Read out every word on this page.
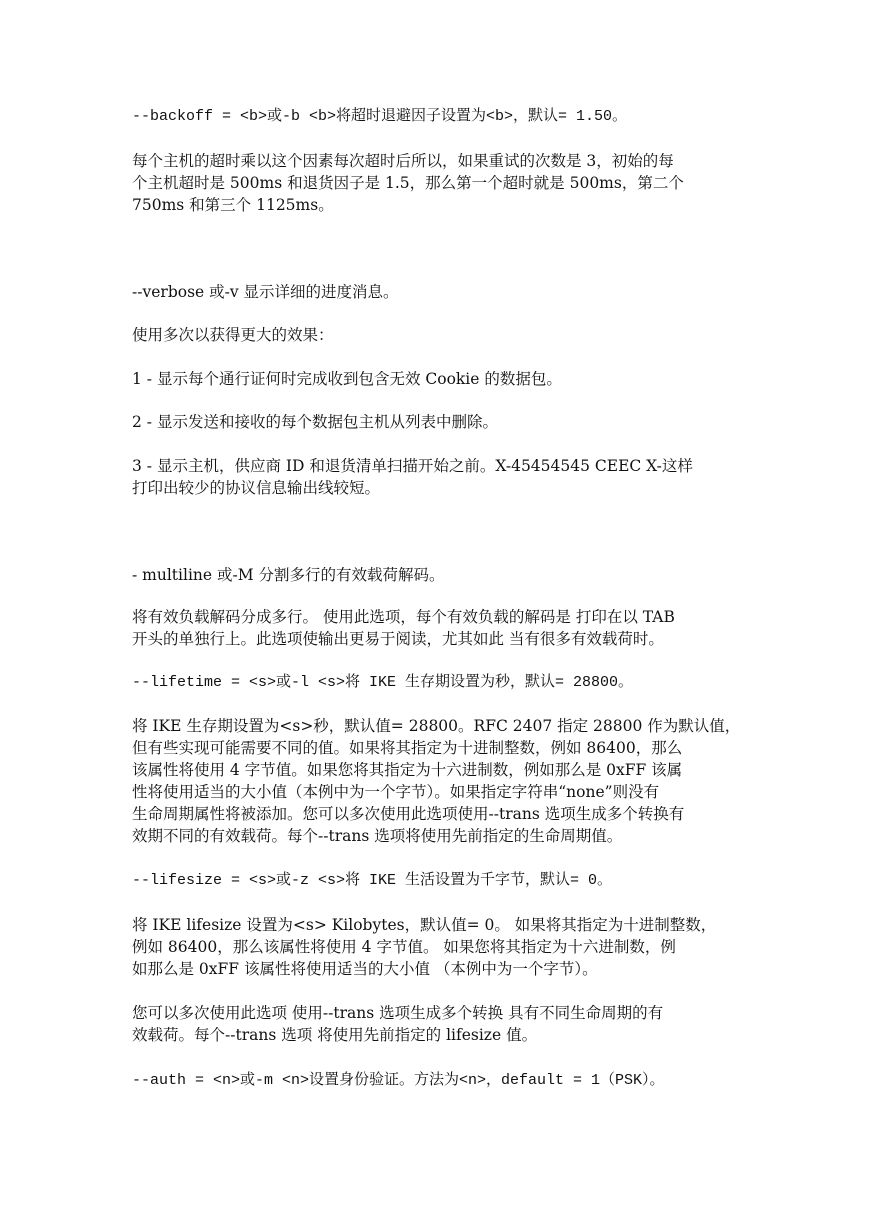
--backoff = <b>或-b <b>将超时退避因子设置为<b>，默认= 1.50。

每个主机的超时乘以这个因素每次超时后所以，如果重试的次数是 3，初始的每
个主机超时是 500ms 和退货因子是 1.5，那么第一个超时就是 500ms，第二个
750ms 和第三个 1125ms。

--verbose 或-v 显示详细的进度消息。

使用多次以获得更大的效果：

1 - 显示每个通行证何时完成收到包含无效 Cookie 的数据包。

2 - 显示发送和接收的每个数据包主机从列表中删除。

3 - 显示主机，供应商 ID 和退货清单扫描开始之前。X-45454545 CEEC X-这样
打印出较少的协议信息输出线较短。

- multiline 或-M 分割多行的有效载荷解码。

将有效负载解码分成多行。 使用此选项，每个有效负载的解码是 打印在以 TAB
开头的单独行上。此选项使输出更易于阅读，尤其如此 当有很多有效载荷时。

--lifetime = <s>或-l <s>将 IKE 生存期设置为秒，默认= 28800。

将 IKE 生存期设置为<s>秒，默认值= 28800。RFC 2407 指定 28800 作为默认值，
但有些实现可能需要不同的值。如果将其指定为十进制整数，例如 86400，那么
该属性将使用 4 字节值。如果您将其指定为十六进制数，例如那么是 0xFF 该属
性将使用适当的大小值（本例中为一个字节）。如果指定字符串“none”则没有
生命周期属性将被添加。您可以多次使用此选项使用--trans 选项生成多个转换有
效期不同的有效载荷。每个--trans 选项将使用先前指定的生命周期值。

--lifesize = <s>或-z <s>将 IKE 生活设置为千字节，默认= 0。

将 IKE lifesize 设置为<s> Kilobytes，默认值= 0。 如果将其指定为十进制整数，
例如 86400，那么该属性将使用 4 字节值。 如果您将其指定为十六进制数，例
如那么是 0xFF 该属性将使用适当的大小值 （本例中为一个字节）。

您可以多次使用此选项 使用--trans 选项生成多个转换 具有不同生命周期的有
效载荷。每个--trans 选项 将使用先前指定的 lifesize 值。

--auth = <n>或-m <n>设置身份验证。方法为<n>，default = 1（PSK）。
